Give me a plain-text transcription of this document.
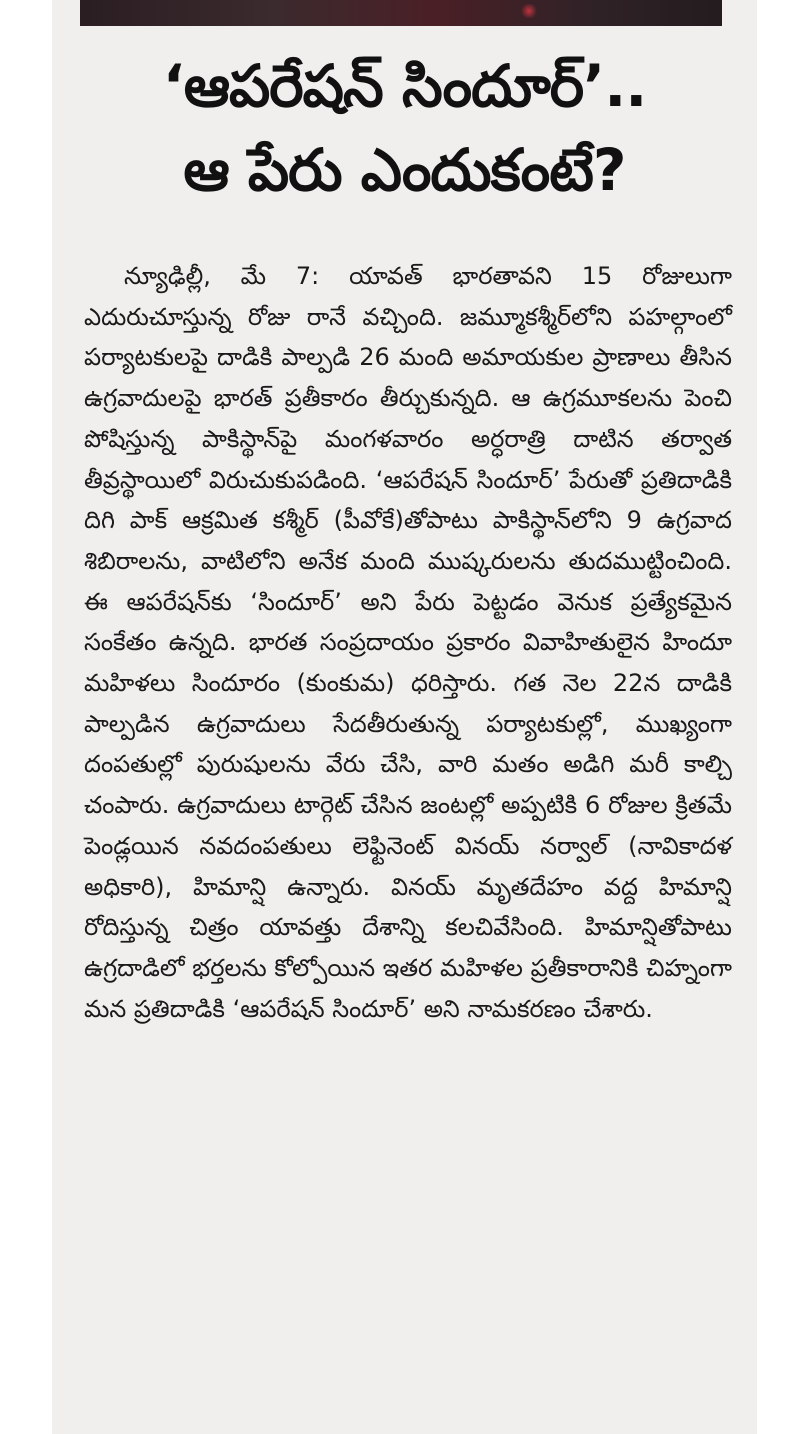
‘ఆపరేషన్ సిందూర్’..
ఆ పేరు ఎందుకంటే?

న్యూఢిల్లీ, మే 7: యావత్ భారతావని 15 రోజులుగా ఎదురుచూస్తున్న రోజు రానే వచ్చింది. జమ్మూకశ్మీర్‌లోని పహల్గాంలో పర్యాటకులపై దాడికి పాల్పడి 26 మంది అమాయకుల ప్రాణాలు తీసిన ఉగ్రవాదులపై భారత్ ప్రతీకారం తీర్చుకున్నది. ఆ ఉగ్రమూకలను పెంచి పోషిస్తున్న పాకిస్థాన్‌పై మంగళవారం అర్ధరాత్రి దాటిన తర్వాత తీవ్రస్థాయిలో విరుచుకుపడింది. ‘ఆపరేషన్ సిందూర్’ పేరుతో ప్రతిదాడికి దిగి పాక్ ఆక్రమిత కశ్మీర్ (పీవోకే)తోపాటు పాకిస్థాన్‌లోని 9 ఉగ్రవాద శిబిరాలను, వాటిలోని అనేక మంది ముష్కరులను తుదముట్టించింది. ఈ ఆపరేషన్‌కు ‘సిందూర్’ అని పేరు పెట్టడం వెనుక ప్రత్యేకమైన సంకేతం ఉన్నది. భారత సంప్రదాయం ప్రకారం వివాహితులైన హిందూ మహిళలు సిందూరం (కుంకుమ) ధరిస్తారు. గత నెల 22న దాడికి పాల్పడిన ఉగ్రవాదులు సేదతీరుతున్న పర్యాటకుల్లో, ముఖ్యంగా దంపతుల్లో పురుషులను వేరు చేసి, వారి మతం అడిగి మరీ కాల్చి చంపారు. ఉగ్రవాదులు టార్గెట్ చేసిన జంటల్లో అప్పటికి 6 రోజుల క్రితమే పెండ్లయిన నవదంపతులు లెఫ్టినెంట్ వినయ్ నర్వాల్ (నావికాదళ అధికారి), హిమాన్షి ఉన్నారు. వినయ్ మృతదేహం వద్ద హిమాన్షి రోదిస్తున్న చిత్రం యావత్తు దేశాన్ని కలచివేసింది. హిమాన్షితోపాటు ఉగ్రదాడిలో భర్తలను కోల్పోయిన ఇతర మహిళల ప్రతీకారానికి చిహ్నంగా మన ప్రతిదాడికి ‘ఆపరేషన్ సిందూర్’ అని నామకరణం చేశారు.
